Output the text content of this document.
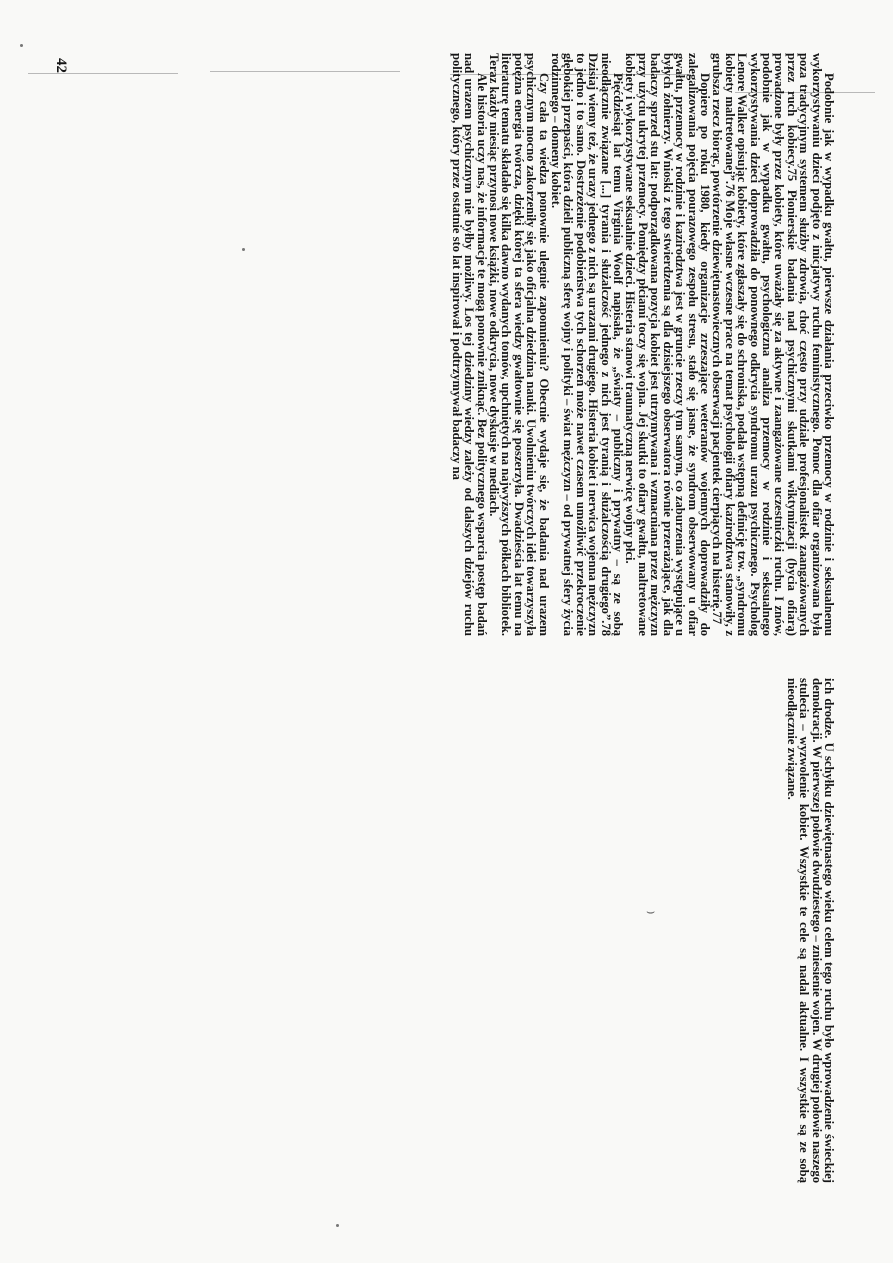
⌣

Podobnie jak w wypadku gwałtu, pierwsze działania przeciwko przemocy w rodzinie i seksualnemu wykorzystywaniu dzieci podjęto z inicjatywy ruchu feministycznego. Pomoc dla ofiar organizowana była poza tradycyjnym systemem służby zdrowia, choć często przy udziale profesjonalistek zaangażowanych przez ruch kobiecy.75 Pionierskie badania nad psychicznymi skutkami wiktymizacji (bycia ofiarą) prowadzone były przez kobiety, które uważały się za aktywne i zaangażowane uczestniczki ruchu. I znów, podobnie jak w wypadku gwałtu, psychologiczna analiza przemocy w rodzinie i seksualnego wykorzystywania dzieci doprowadziła do ponownego odkrycia syndromu urazu psychicznego. Psycholog Lenore Walker opisując kobiety, które zgłaszały się do schroniska, podała wstępną definicję tzw. „syndromu kobiety maltretowanej”.76 Moje własne wczesne prace na temat psychologii ofiary kazirodztwa stanowiły, z grubsza rzecz biorąc, powtórzenie dziewiętnastowiecznych obserwacji pacjentek cierpiących na histerię.77

Dopiero po roku 1980, kiedy organizacje zrzeszające weteranów wojennych doprowadziły do zalegalizowania pojęcia pourazowego zespołu stresu, stało się jasne, że syndrom obserwowany u ofiar gwałtu, przemocy w rodzinie i kazirodztwa jest w gruncie rzeczy tym samym, co zaburzenia występujące u byłych żołnierzy. Wnioski z tego stwierdzenia są dla dzisiejszego obserwatora równie przerażające, jak dla badaczy sprzed stu lat: podporządkowana pozycja kobiet jest utrzymywana i wzmacniana przez mężczyzn przy użyciu ukrytej przemocy. Pomiędzy płciami toczy się wojna. Jej skutki to ofiary gwałtu, maltretowane kobiety i wykorzystywane seksualnie dzieci. Histeria stanowi traumatyczną nerwicę wojny płci.

Pięćdziesiąt lat temu Virginia Woolf napisała, że „światy – publiczny i prywatny – są ze sobą nieodłącznie związane [...] tyrania i służalczość jednego z nich jest tyranią i służalczością drugiego”.78 Dzisiaj wiemy też, że urazy jednego z nich są urazami drugiego. Histeria kobiet i nerwica wojenna mężczyzn to jedno i to samo. Dostrzeżenie podobieństwa tych schorzeń może nawet czasem umożliwić przekroczenie głębokiej przepaści, która dzieli publiczną sferę wojny i polityki – świat mężczyzn – od prywatnej sfery życia rodzinnego – domeny kobiet.

Czy cała ta wiedza ponownie ulegnie zapomnieniu? Obecnie wydaje się, że badania nad urazem psychicznym mocno zakorzeniły się jako oficjalna dziedzina nauki. Uwolnieniu twórczych idei towarzyszyła potężna energia twórcza, dzięki której ta sfera wiedzy gwałtownie się poszerzyła. Dwadzieścia lat temu na literaturę tematu składało się kilka dawno wydanych tomów, upchniętych na najwyższych półkach bibliotek. Teraz każdy miesiąc przynosi nowe książki, nowe odkrycia, nowe dyskusje w mediach.

Ale historia uczy nas, że informacje te mogą ponownie zniknąć. Bez politycznego wsparcia postęp badań nad urazem psychicznym nie byłby możliwy. Los tej dziedziny wiedzy zależy od dalszych dziejów ruchu politycznego, który przez ostatnie sto lat inspirował i podtrzymywał badaczy na

42

ich drodze. U schyłku dziewiętnastego wieku celem tego ruchu było wprowadzenie świeckiej demokracji. W pierwszej połowie dwudziestego – zniesienie wojen. W drugiej połowie naszego stulecia – wyzwolenie kobiet. Wszystkie te cele są nadal aktualne. I wszystkie są ze sobą nieodłącznie związane.
